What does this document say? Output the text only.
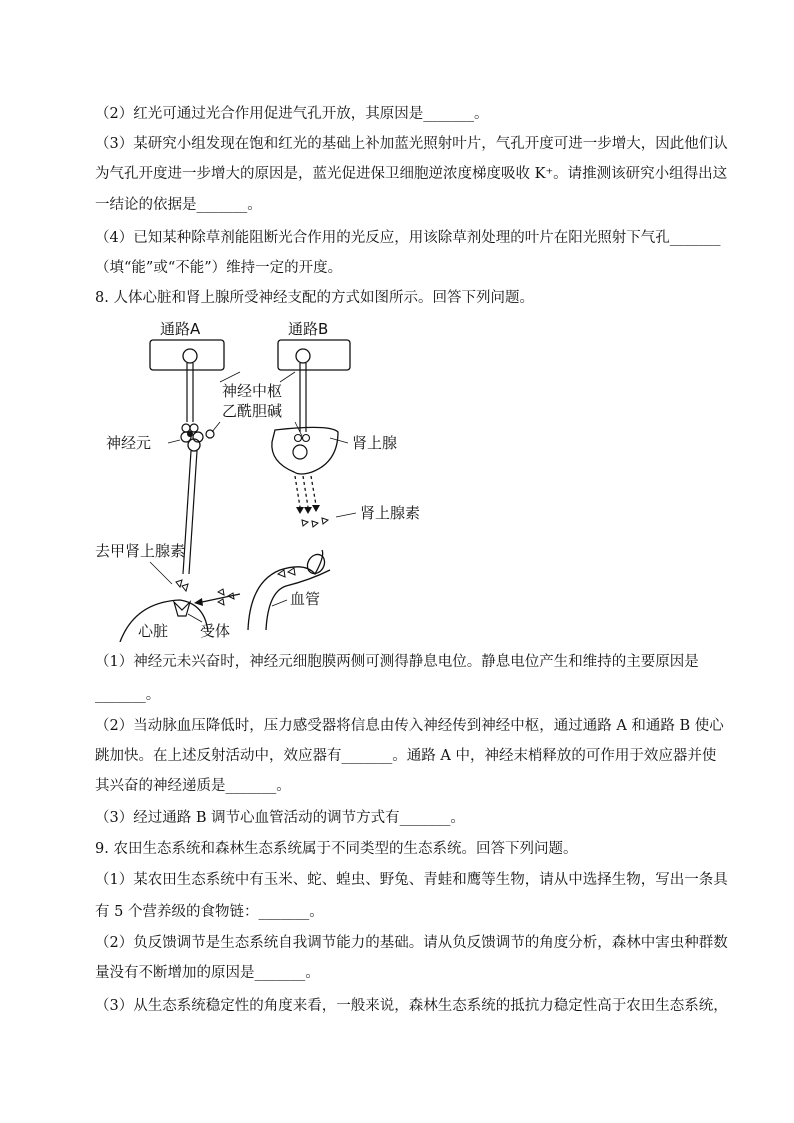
（2）红光可通过光合作用促进气孔开放，其原因是_______。
（3）某研究小组发现在饱和红光的基础上补加蓝光照射叶片，气孔开度可进一步增大，因此他们认
为气孔开度进一步增大的原因是，蓝光促进保卫细胞逆浓度梯度吸收 K⁺。请推测该研究小组得出这
一结论的依据是_______。
（4）已知某种除草剂能阻断光合作用的光反应，用该除草剂处理的叶片在阳光照射下气孔_______
（填“能”或“不能”）维持一定的开度。
8. 人体心脏和肾上腺所受神经支配的方式如图所示。回答下列问题。
通路A	通路B
神经中枢
乙酰胆碱
神经元	肾上腺
肾上腺素
去甲肾上腺素
血管
心脏 受体
（1）神经元未兴奋时，神经元细胞膜两侧可测得静息电位。静息电位产生和维持的主要原因是
_______。
（2）当动脉血压降低时，压力感受器将信息由传入神经传到神经中枢，通过通路 A 和通路 B 使心
跳加快。在上述反射活动中，效应器有_______。通路 A 中，神经末梢释放的可作用于效应器并使
其兴奋的神经递质是_______。
（3）经过通路 B 调节心血管活动的调节方式有_______。
9. 农田生态系统和森林生态系统属于不同类型的生态系统。回答下列问题。
（1）某农田生态系统中有玉米、蛇、蝗虫、野兔、青蛙和鹰等生物，请从中选择生物，写出一条具
有 5 个营养级的食物链：_______。
（2）负反馈调节是生态系统自我调节能力的基础。请从负反馈调节的角度分析，森林中害虫种群数
量没有不断增加的原因是_______。
（3）从生态系统稳定性的角度来看，一般来说，森林生态系统的抵抗力稳定性高于农田生态系统，
